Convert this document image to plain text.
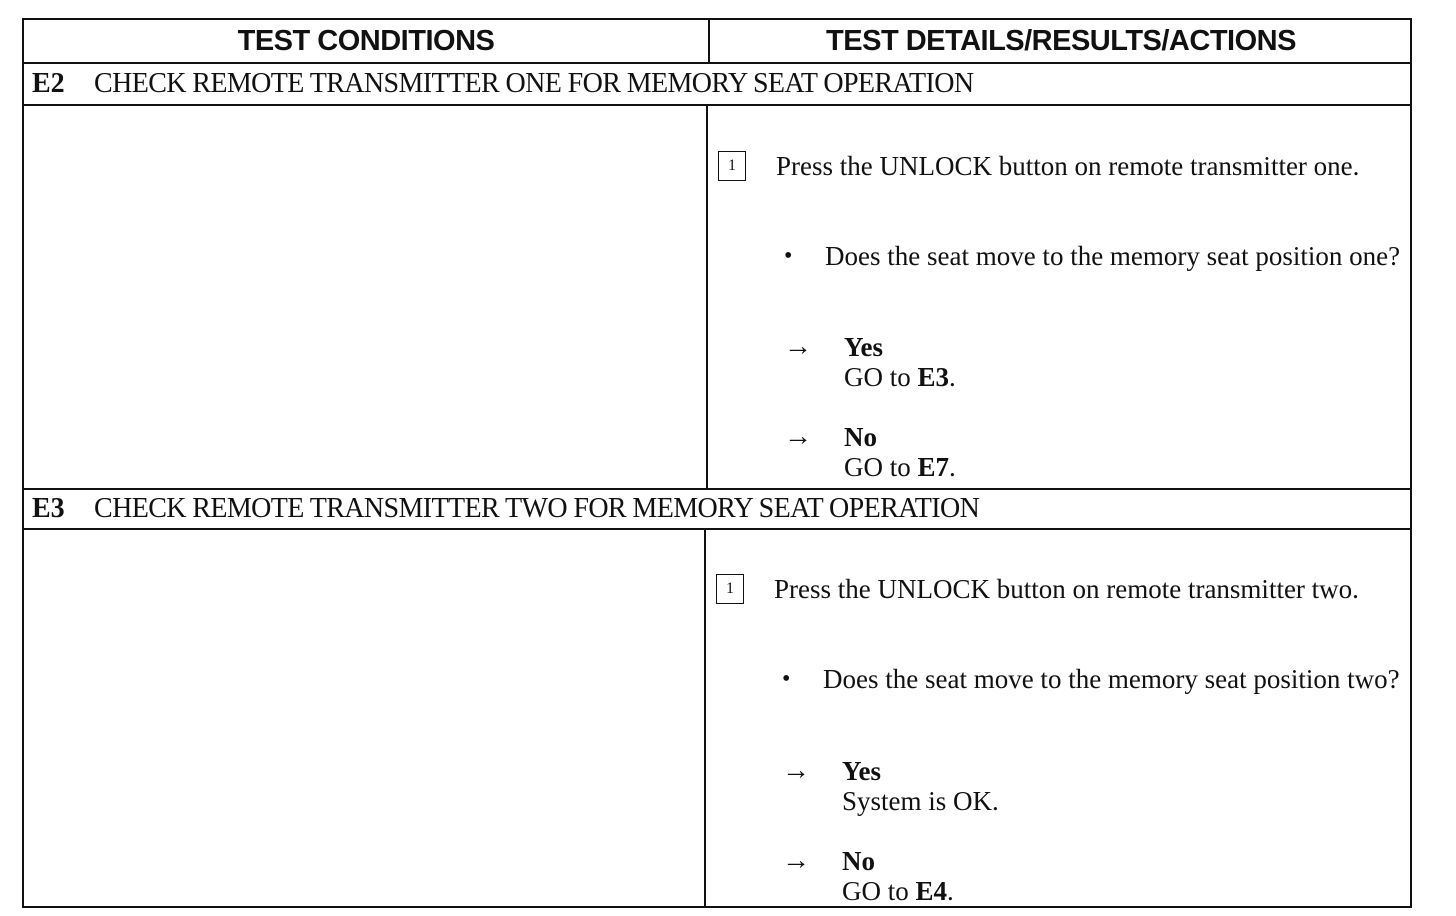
TEST CONDITIONS	TEST DETAILS/RESULTS/ACTIONS
E2	CHECK REMOTE TRANSMITTER ONE FOR MEMORY SEAT OPERATION
1	Press the UNLOCK button on remote transmitter one.
• Does the seat move to the memory seat position one?
→ Yes
GO to E3.
→ No
GO to E7.
E3	CHECK REMOTE TRANSMITTER TWO FOR MEMORY SEAT OPERATION
1	Press the UNLOCK button on remote transmitter two.
• Does the seat move to the memory seat position two?
→ Yes
System is OK.
→ No
GO to E4.
